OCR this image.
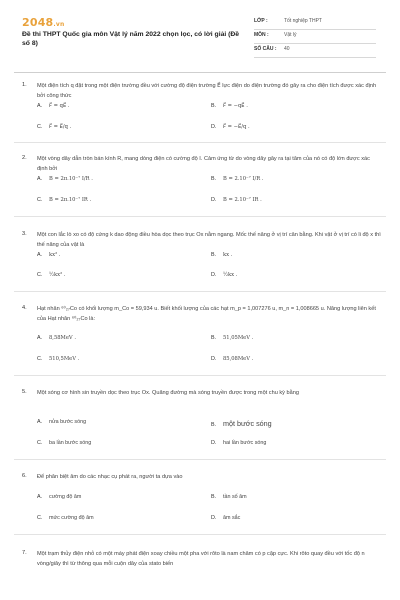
2048.vn
Đề thi THPT Quốc gia môn Vật lý năm 2022 chọn lọc, có lời giải (Đề số 8)
LỚP :	Tốt nghiệp THPT
MÔN :	Vật lý
SỐ CÂU : 40
1. Một điện tích q đặt trong một điện trường đều với cường độ điện trường E⃗ lực điện do điện trường đó gây ra cho điện tích được xác định bởi công thức
A. F⃗ = qE⃗ .	B. F⃗ = −qE⃗ .
C. F⃗ = E⃗/q .	D. F⃗ = −E⃗/q .
2. Một vòng dây dẫn tròn bán kính R, mang dòng điện có cường độ I. Cảm ứng từ do vòng dây gây ra tại tâm của nó có độ lớn được xác định bởi
A. B = 2π.10⁻⁷ I/R .	B. B = 2.10⁻⁷ I/R .
C. B = 2π.10⁻⁷ IR .	D. B = 2.10⁻⁷ IR .
3. Một con lắc lò xo có độ cứng k dao động điều hòa dọc theo trục Ox nằm ngang. Mốc thế năng ở vị trí cân bằng. Khi vật ở vị trí có li độ x thì thế năng của vật là
A. kx² .	B. kx .
C. ½kx² .	D. ½kx .
4. Hạt nhân ⁶⁰₂₇Co có khối lượng m_Co = 59,934 u. Biết khối lượng của các hạt m_p = 1,007276 u, m_n = 1,008665 u. Năng lượng liên kết của Hạt nhân ⁶⁰₂₇Co là:
A. 8,58MeV .	B. 51,05MeV .
C. 510,5MeV .	D. 85,08MeV .
5. Một sóng cơ hình sin truyền dọc theo trục Ox. Quãng đường mà sóng truyền được trong một chu kỳ bằng
A. nửa bước sóng	B. một bước sóng
C. ba lần bước sóng	D. hai lần bước sóng
6. Để phân biệt âm do các nhạc cụ phát ra, người ta dựa vào
A. cường độ âm	B. tần số âm
C. mức cường độ âm	D. âm sắc
7. Một trạm thủy điện nhỏ có một máy phát điện xoay chiều một pha với rôto là nam châm có p cặp cực. Khi rôto quay đều với tốc độ n vòng/giây thì từ thông qua mỗi cuộn dây của stato biến
